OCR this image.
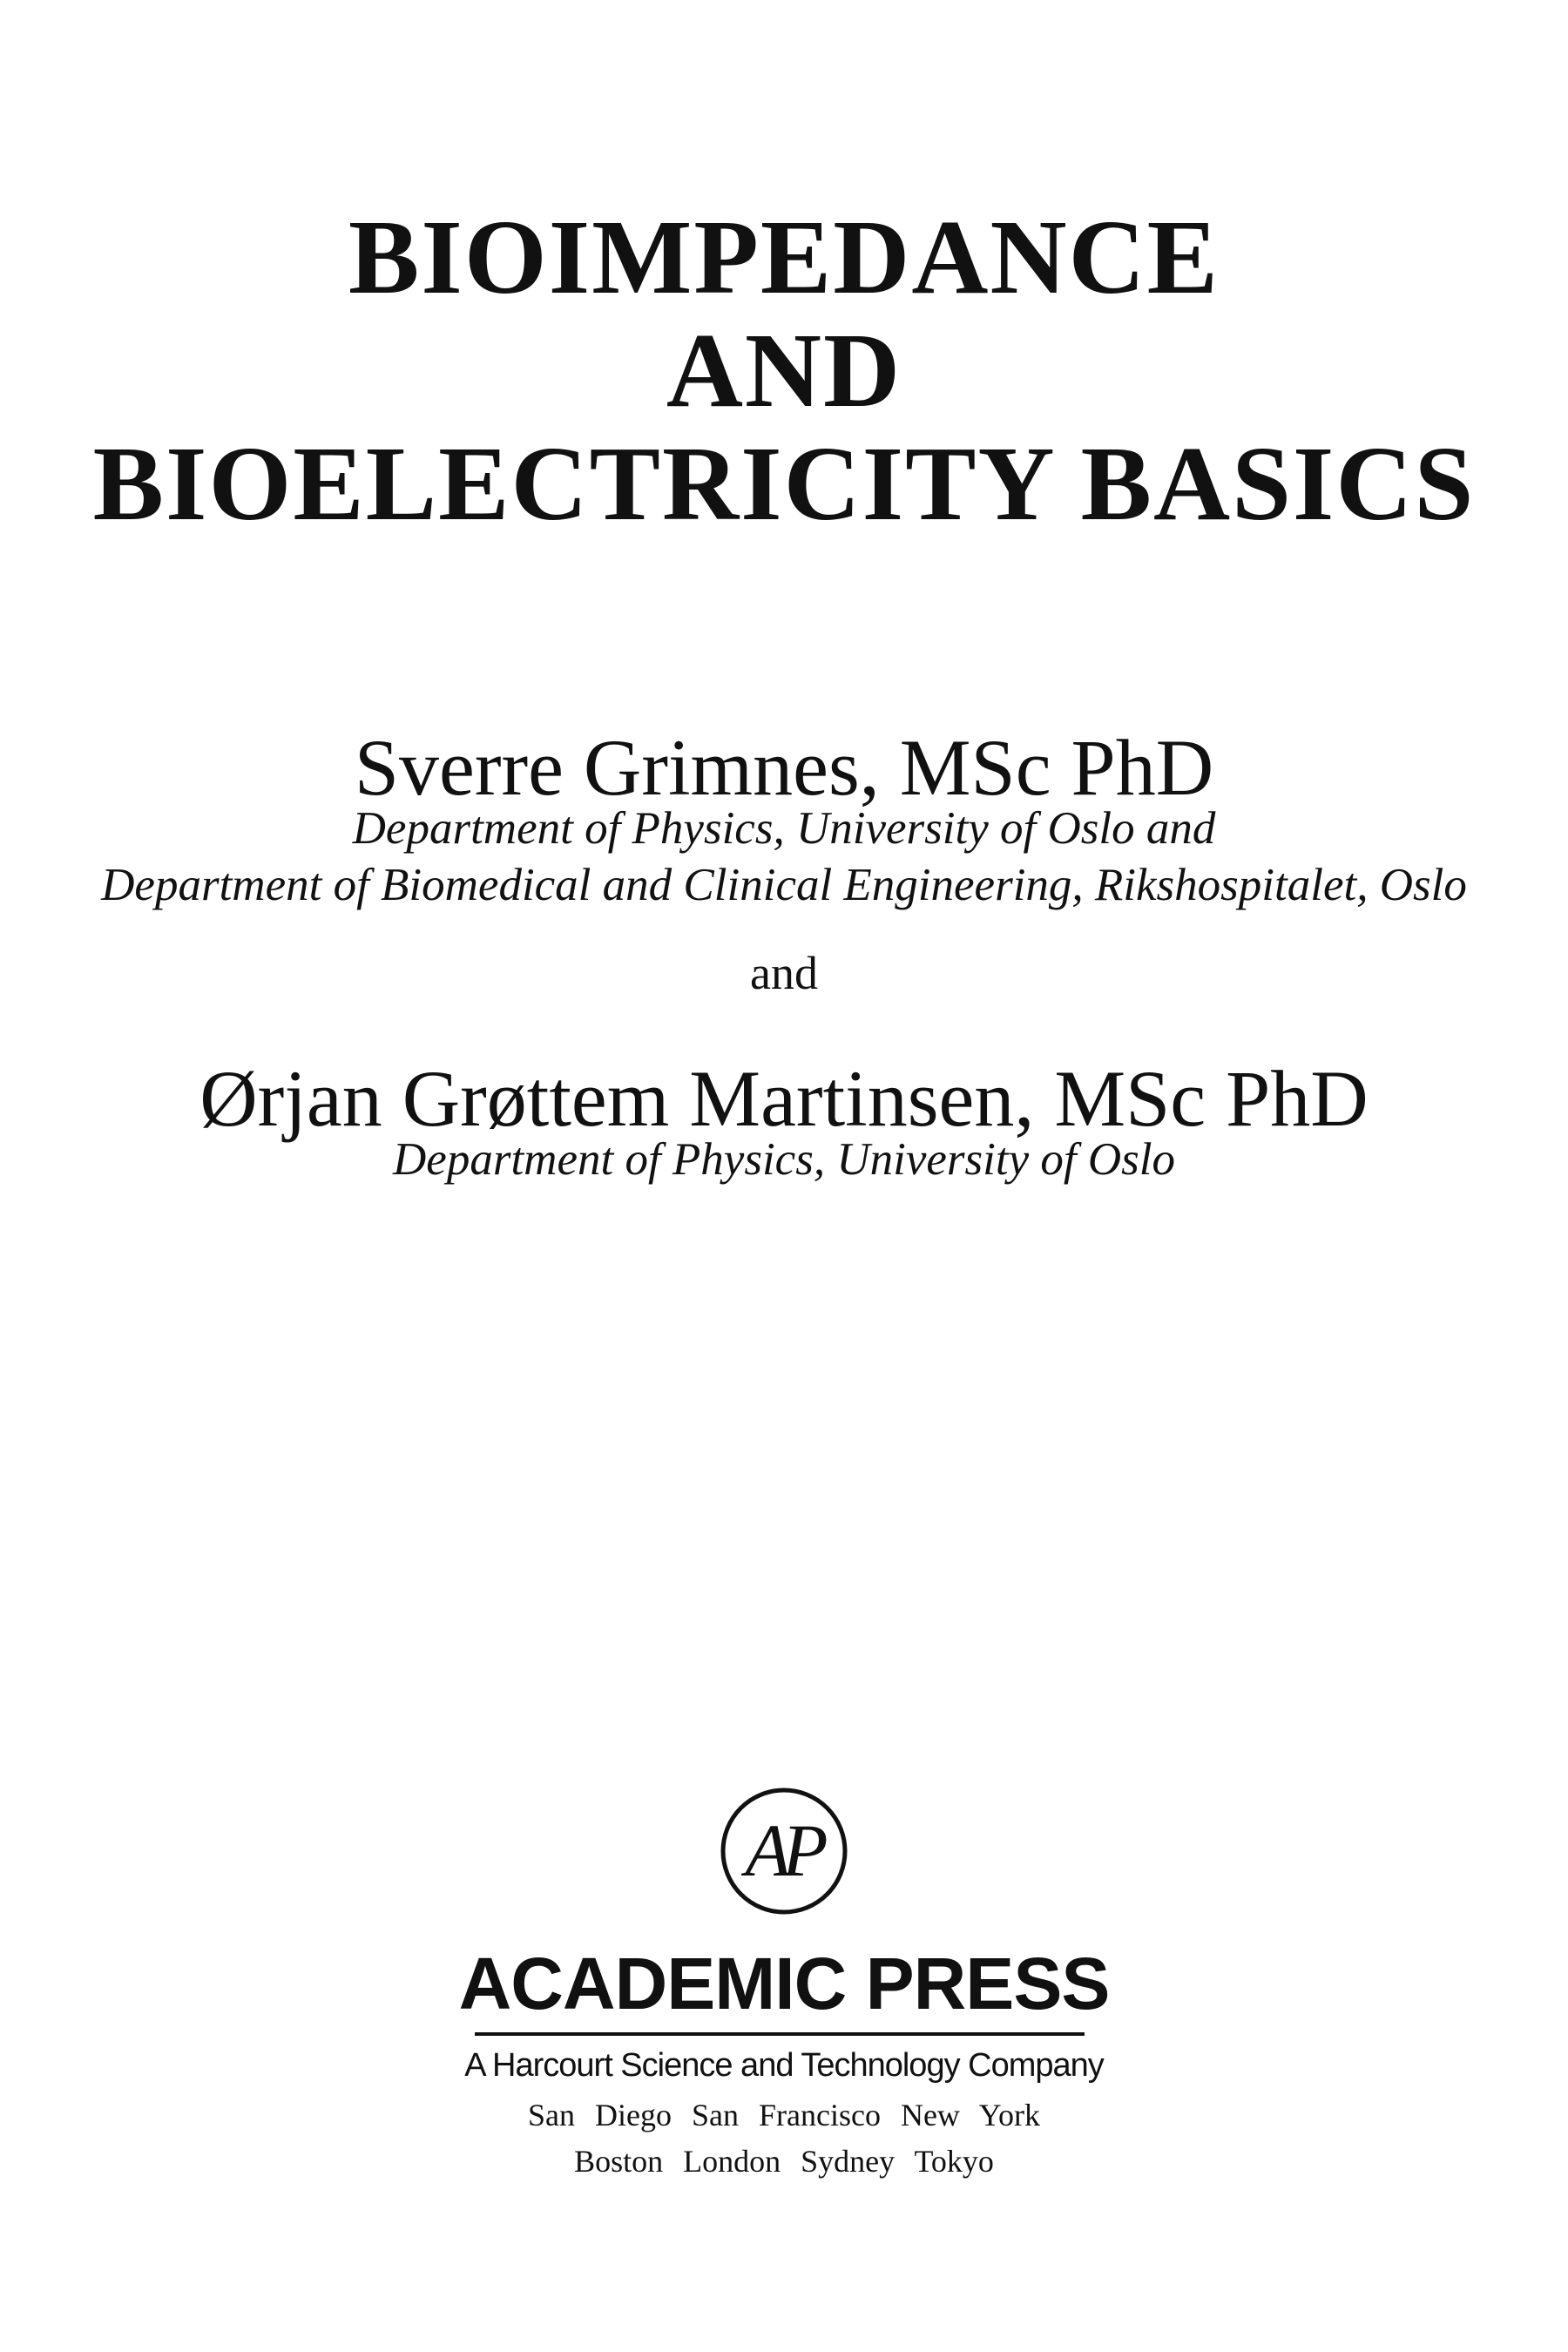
BIOIMPEDANCE
AND
BIOELECTRICITY BASICS
Sverre Grimnes, MSc PhD
Department of Physics, University of Oslo and
Department of Biomedical and Clinical Engineering, Rikshospitalet, Oslo
and
Ørjan Grøttem Martinsen, MSc PhD
Department of Physics, University of Oslo
AP
ACADEMIC PRESS
A Harcourt Science and Technology Company
San Diego San Francisco New York
Boston London Sydney Tokyo
